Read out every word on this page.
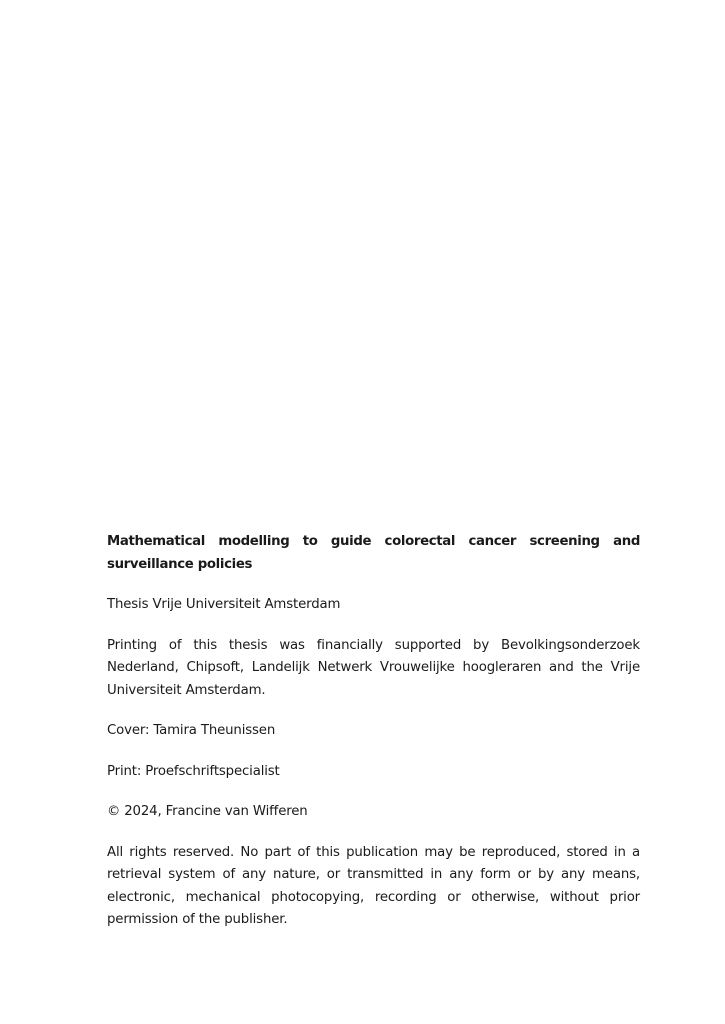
Mathematical modelling to guide colorectal cancer screening and surveillance policies

Thesis Vrije Universiteit Amsterdam

Printing of this thesis was financially supported by Bevolkingsonderzoek Nederland, Chipsoft, Landelijk Netwerk Vrouwelijke hoogleraren and the Vrije Universiteit Amsterdam.

Cover: Tamira Theunissen

Print: Proefschriftspecialist

© 2024, Francine van Wifferen

All rights reserved. No part of this publication may be reproduced, stored in a retrieval system of any nature, or transmitted in any form or by any means, electronic, mechanical photocopying, recording or otherwise, without prior permission of the publisher.
